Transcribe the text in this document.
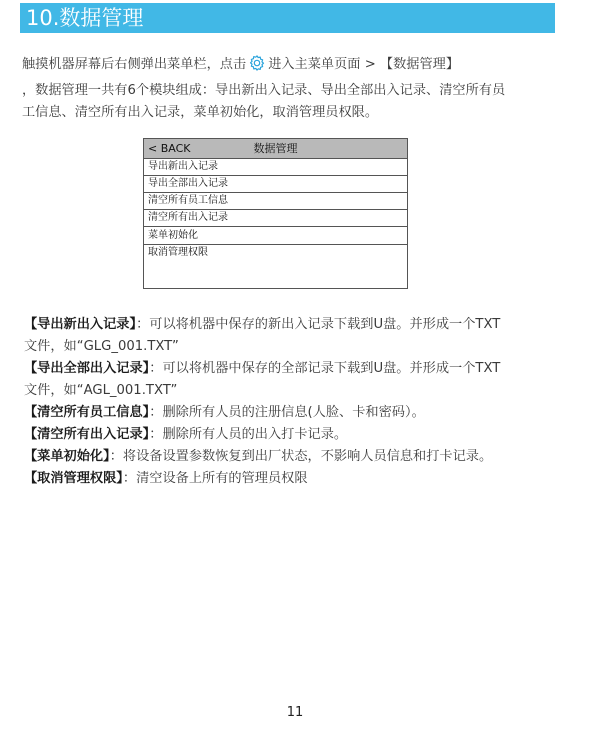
10.数据管理
触摸机器屏幕后右侧弹出菜单栏，点击 进入主菜单页面 > 【数据管理】
，数据管理一共有6个模块组成：导出新出入记录、导出全部出入记录、清空所有员
工信息、清空所有出入记录，菜单初始化，取消管理员权限。
< BACK	数据管理
导出新出入记录
导出全部出入记录
清空所有员工信息
清空所有出入记录
菜单初始化
取消管理权限

【导出新出入记录】：可以将机器中保存的新出入记录下载到U盘。并形成一个TXT

文件，如“GLG_001.TXT”

【导出全部出入记录】：可以将机器中保存的全部记录下载到U盘。并形成一个TXT

文件，如“AGL_001.TXT”

【清空所有员工信息】：删除所有人员的注册信息(人脸、卡和密码）。

【清空所有出入记录】：删除所有人员的出入打卡记录。

【菜单初始化】：将设备设置参数恢复到出厂状态，不影响人员信息和打卡记录。

【取消管理权限】：清空设备上所有的管理员权限

11
